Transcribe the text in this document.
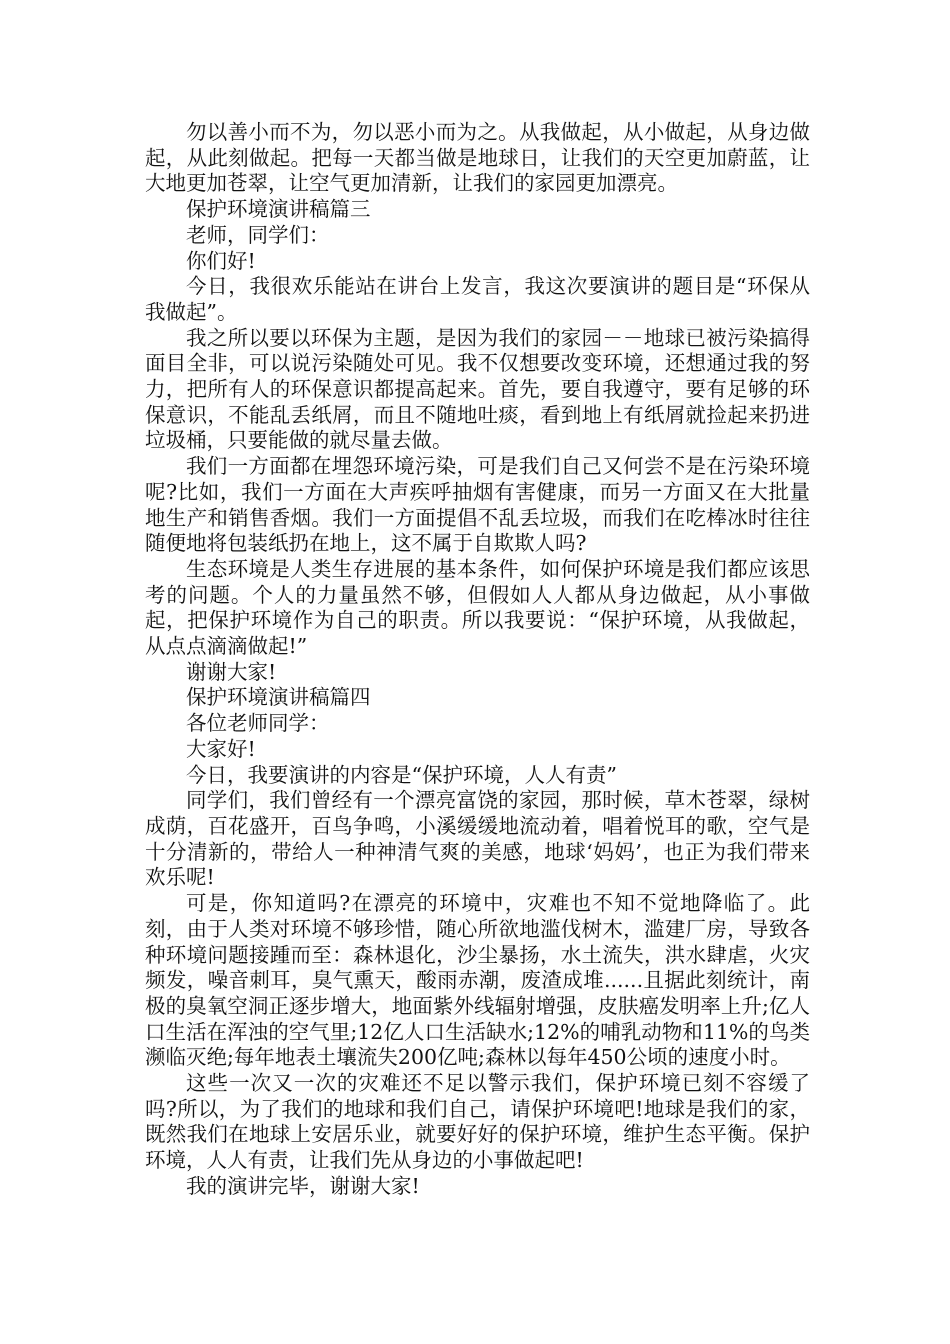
勿以善小而不为，勿以恶小而为之。从我做起，从小做起，从身边做起，从此刻做起。把每一天都当做是地球日，让我们的天空更加蔚蓝，让大地更加苍翠，让空气更加清新，让我们的家园更加漂亮。

保护环境演讲稿篇三

老师，同学们：

你们好!

今日，我很欢乐能站在讲台上发言，我这次要演讲的题目是“环保从我做起”。

我之所以要以环保为主题，是因为我们的家园－－地球已被污染搞得面目全非，可以说污染随处可见。我不仅想要改变环境，还想通过我的努力，把所有人的环保意识都提高起来。首先，要自我遵守，要有足够的环保意识，不能乱丢纸屑，而且不随地吐痰，看到地上有纸屑就捡起来扔进垃圾桶，只要能做的就尽量去做。

我们一方面都在埋怨环境污染，可是我们自己又何尝不是在污染环境呢?比如，我们一方面在大声疾呼抽烟有害健康，而另一方面又在大批量地生产和销售香烟。我们一方面提倡不乱丢垃圾，而我们在吃棒冰时往往随便地将包装纸扔在地上，这不属于自欺欺人吗?

生态环境是人类生存进展的基本条件，如何保护环境是我们都应该思考的问题。个人的力量虽然不够，但假如人人都从身边做起，从小事做起，把保护环境作为自己的职责。所以我要说：“保护环境，从我做起，从点点滴滴做起!”

谢谢大家!

保护环境演讲稿篇四

各位老师同学：

大家好!

今日，我要演讲的内容是“保护环境，人人有责”

同学们，我们曾经有一个漂亮富饶的家园，那时候，草木苍翠，绿树成荫，百花盛开，百鸟争鸣，小溪缓缓地流动着，唱着悦耳的歌，空气是十分清新的，带给人一种神清气爽的美感，地球‘妈妈’，也正为我们带来欢乐呢!

可是，你知道吗?在漂亮的环境中，灾难也不知不觉地降临了。此刻，由于人类对环境不够珍惜，随心所欲地滥伐树木，滥建厂房，导致各种环境问题接踵而至：森林退化，沙尘暴扬，水土流失，洪水肆虐，火灾频发，噪音刺耳，臭气熏天，酸雨赤潮，废渣成堆......且据此刻统计，南极的臭氧空洞正逐步增大，地面紫外线辐射增强，皮肤癌发明率上升;亿人口生活在浑浊的空气里;12亿人口生活缺水;12%的哺乳动物和11%的鸟类濒临灭绝;每年地表土壤流失200亿吨;森林以每年450公顷的速度小时。

这些一次又一次的灾难还不足以警示我们，保护环境已刻不容缓了吗?所以，为了我们的地球和我们自己，请保护环境吧!地球是我们的家，既然我们在地球上安居乐业，就要好好的保护环境，维护生态平衡。保护环境，人人有责，让我们先从身边的小事做起吧!

我的演讲完毕，谢谢大家!
